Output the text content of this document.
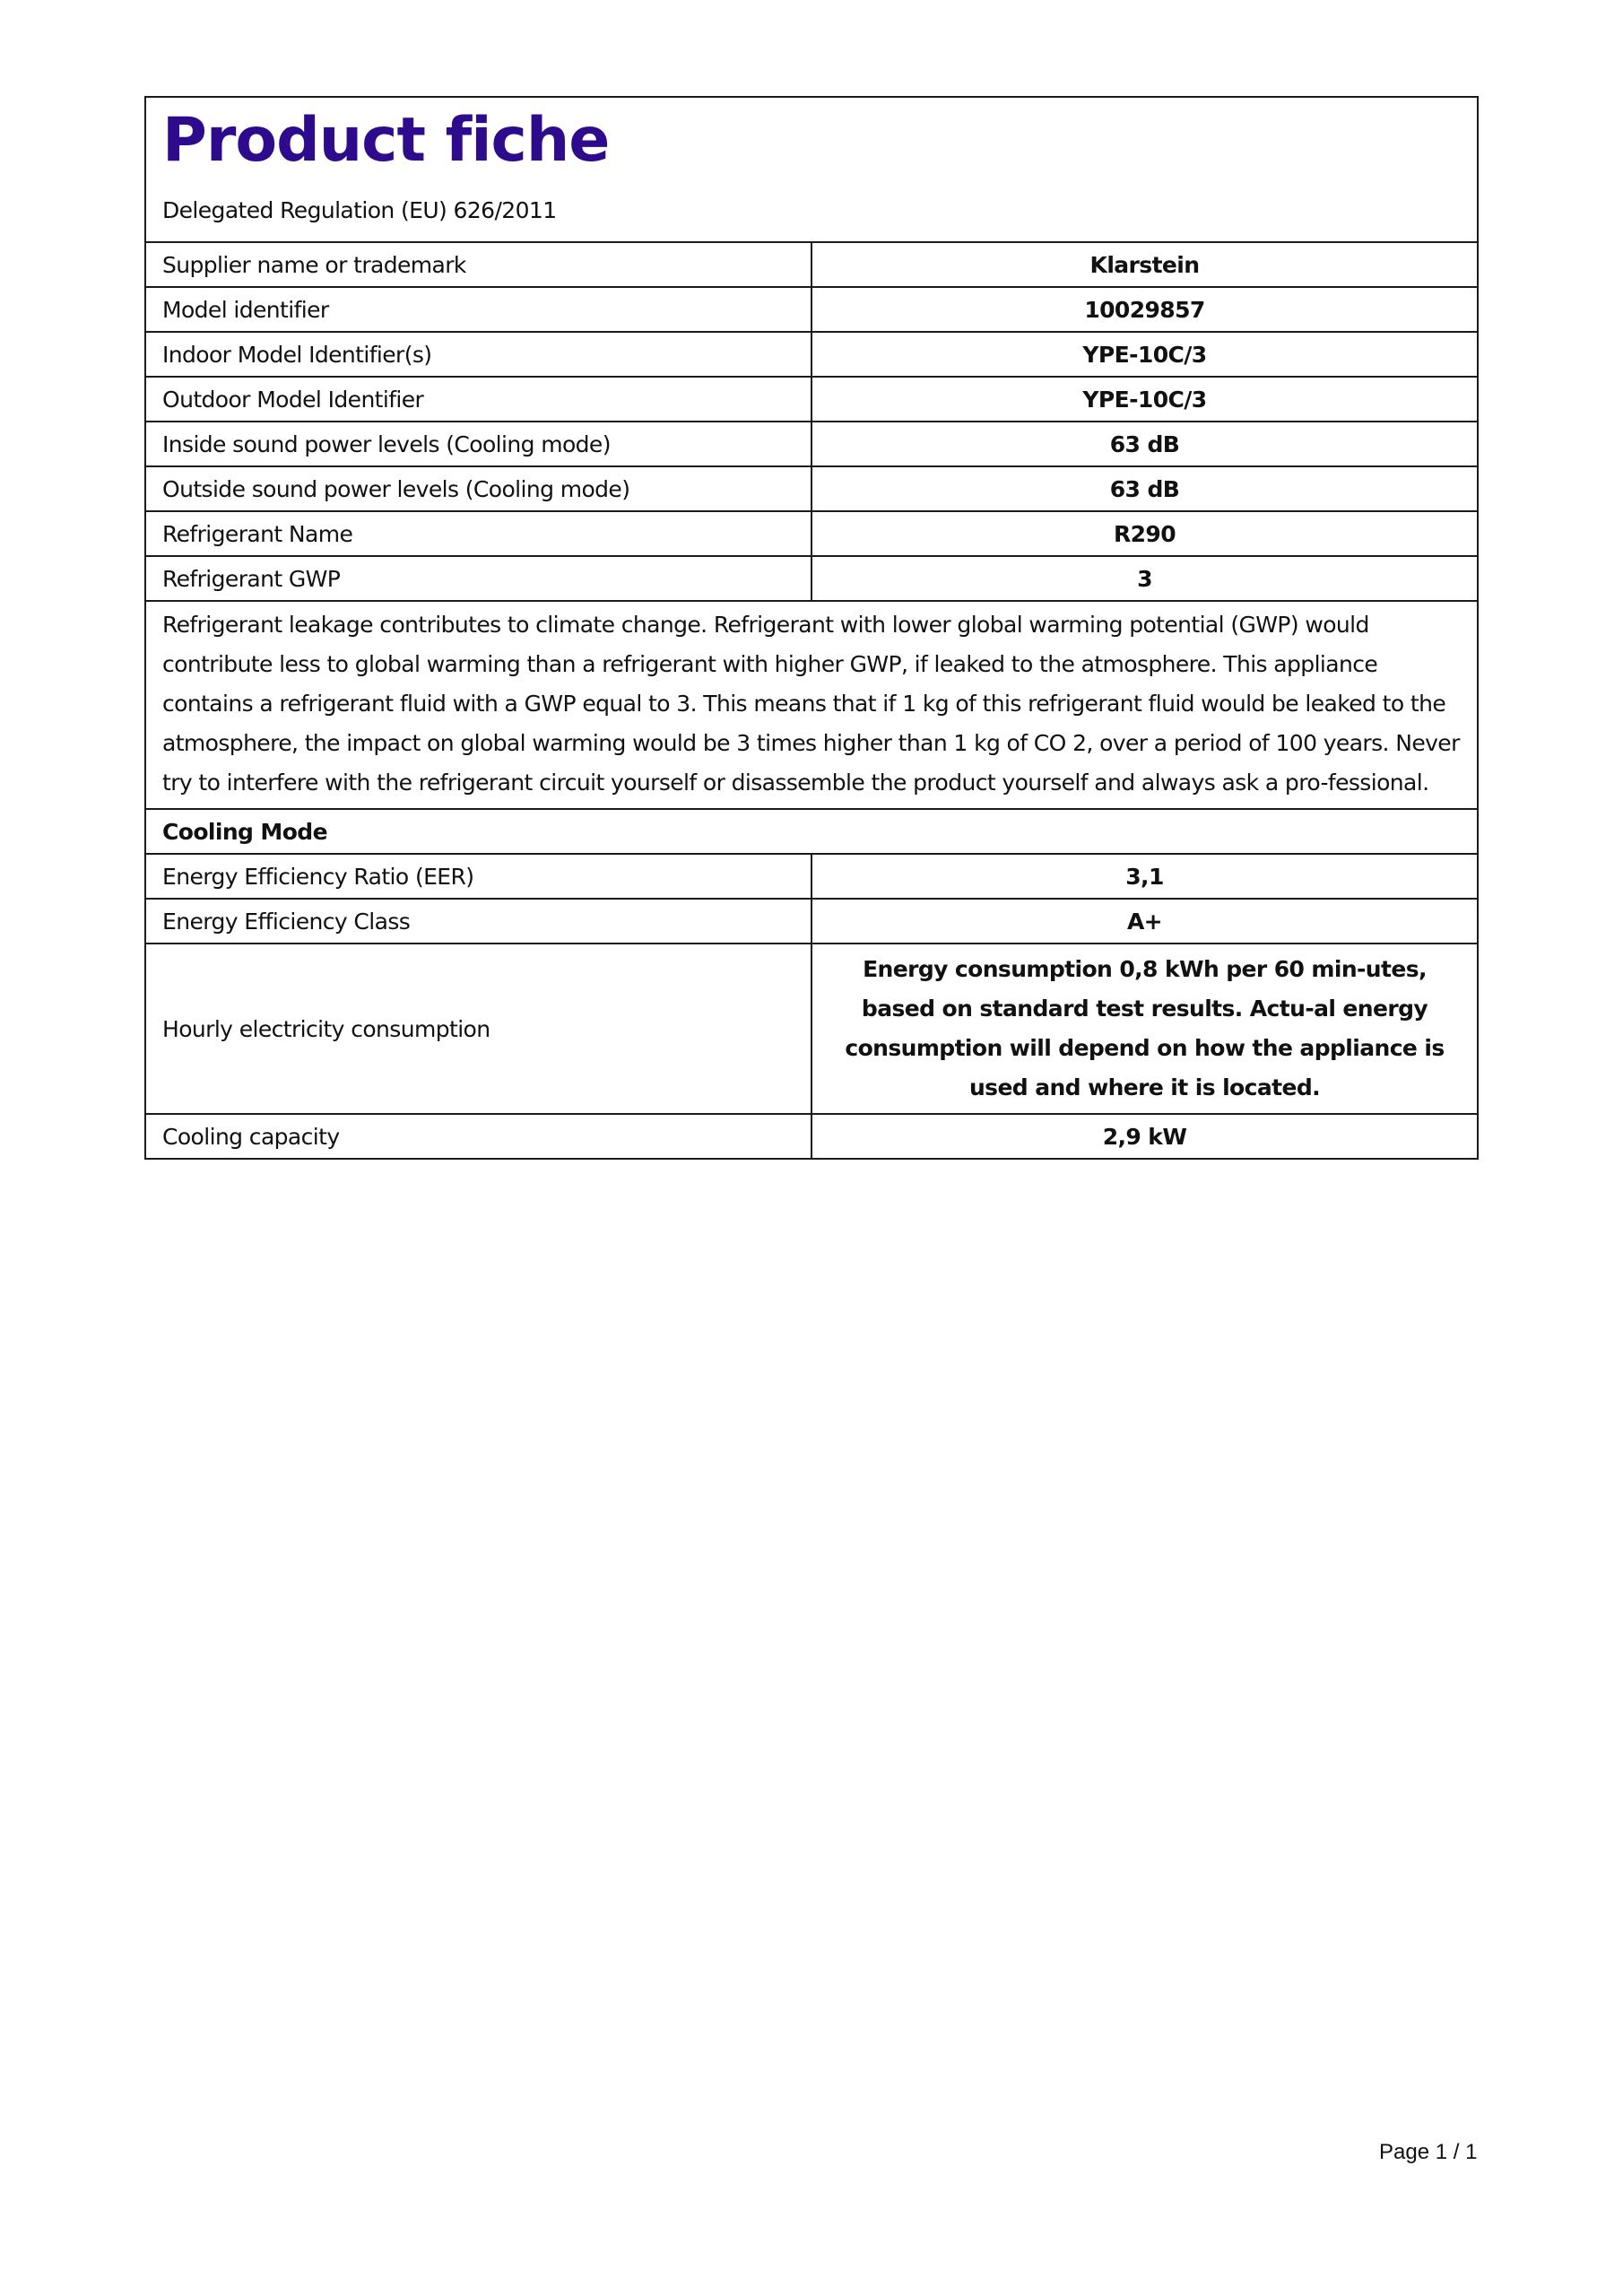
Product fiche
Delegated Regulation (EU) 626/2011	

Supplier name or trademark	Klarstein
Model identifier	10029857
Indoor Model Identifier(s)	YPE-10C/3
Outdoor Model Identifier	YPE-10C/3
Inside sound power levels (Cooling mode)	63 dB
Outside sound power levels (Cooling mode)	63 dB
Refrigerant Name	R290
Refrigerant GWP	3
Refrigerant leakage contributes to climate change. Refrigerant with lower global warming potential (GWP) would contribute less to global warming than a refrigerant with higher GWP, if leaked to the atmosphere. This appliance contains a refrigerant fluid with a GWP equal to 3. This means that if 1 kg of this refrigerant fluid would be leaked to the atmosphere, the impact on global warming would be 3 times higher than 1 kg of CO 2, over a period of 100 years. Never try to interfere with the refrigerant circuit yourself or disassemble the product yourself and always ask a pro-fessional.	
Cooling Mode	
Energy Efficiency Ratio (EER)	3,1
Energy Efficiency Class	A+
Hourly electricity consumption	Energy consumption 0,8 kWh per 60 min-utes, based on standard test results. Actu-al energy consumption will depend on how the appliance is used and where it is located.
Cooling capacity	2,9 kW
Page 1 / 1
